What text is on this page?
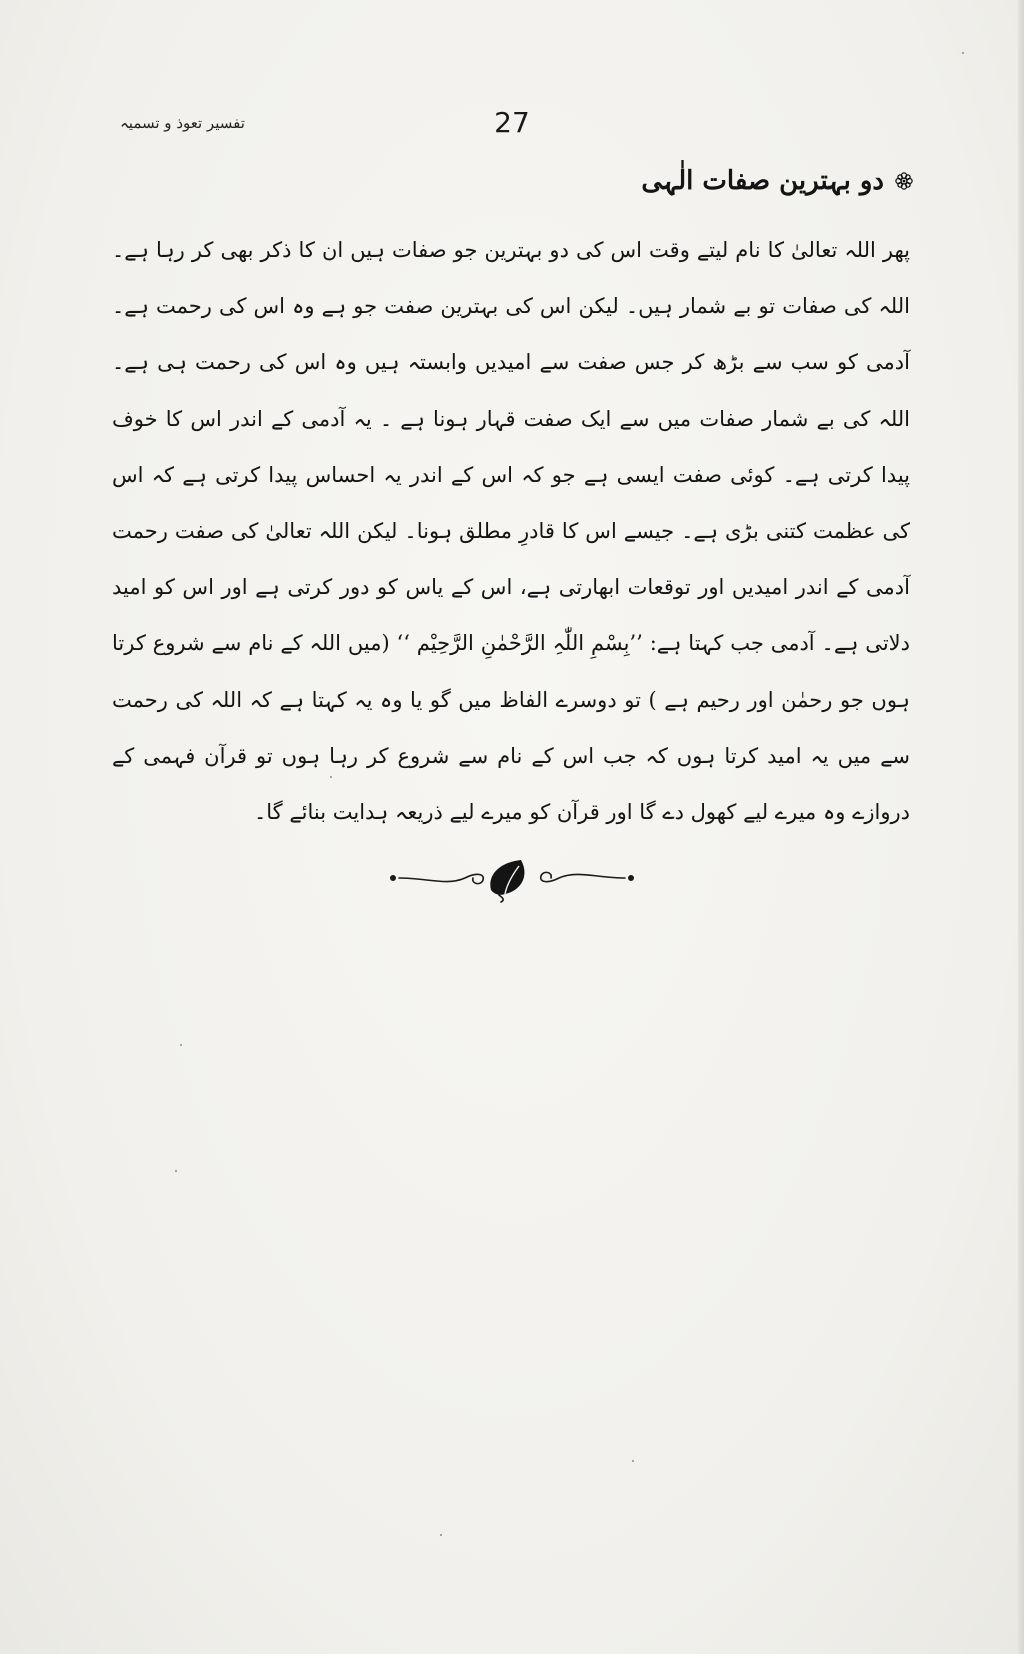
27
تفسیر تعوذ و تسمیہ
دو بہترین صفات الٰہی

پھر اللہ تعالیٰ کا نام لیتے وقت اس کی دو بہترین جو صفات ہیں ان کا ذکر بھی کر رہا ہے۔ اللہ کی صفات تو بے شمار ہیں۔ لیکن اس کی بہترین صفت جو ہے وہ اس کی رحمت ہے۔ آدمی کو سب سے بڑھ کر جس صفت سے امیدیں وابستہ ہیں وہ اس کی رحمت ہی ہے۔ اللہ کی بے شمار صفات میں سے ایک صفت قہار ہونا ہے ۔ یہ آدمی کے اندر اس کا خوف پیدا کرتی ہے۔ کوئی صفت ایسی ہے جو کہ اس کے اندر یہ احساس پیدا کرتی ہے کہ اس کی عظمت کتنی بڑی ہے۔ جیسے اس کا قادرِ مطلق ہونا۔ لیکن اللہ تعالیٰ کی صفت رحمت آدمی کے اندر امیدیں اور توقعات ابھارتی ہے، اس کے یاس کو دور کرتی ہے اور اس کو امید دلاتی ہے۔ آدمی جب کہتا ہے: ’’بِسْمِ اللّٰہِ الرَّحْمٰنِ الرَّحِیْم ‘‘ (میں اللہ کے نام سے شروع کرتا ہوں جو رحمٰن اور رحیم ہے ) تو دوسرے الفاظ میں گو یا وہ یہ کہتا ہے کہ اللہ کی رحمت سے میں یہ امید کرتا ہوں کہ جب اس کے نام سے شروع کر رہا ہوں تو قرآن فہمی کے دروازے وہ میرے لیے کھول دے گا اور قرآن کو میرے لیے ذریعہ ہدایت بنائے گا۔
